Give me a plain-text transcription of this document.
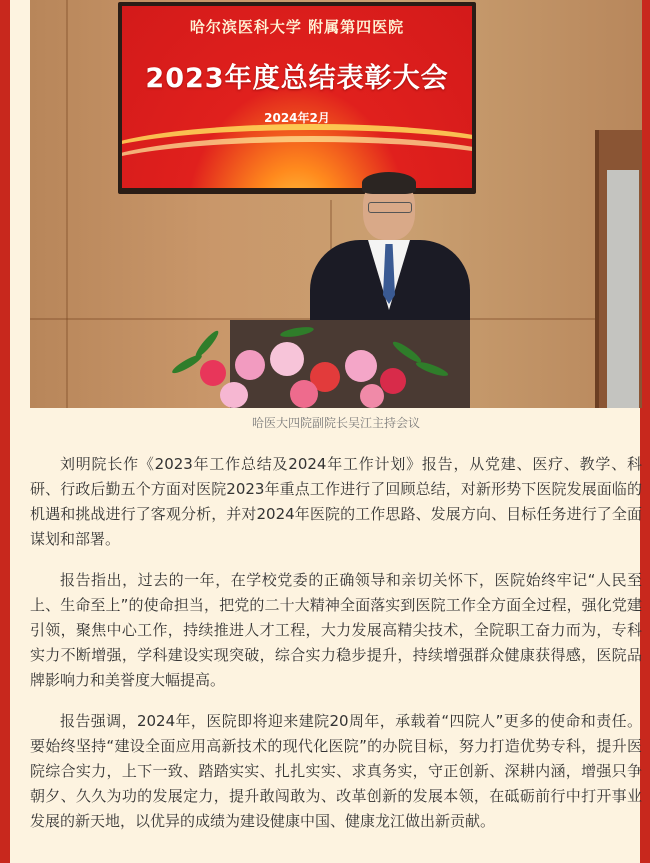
哈尔滨医科大学 附属第四医院
2023年度总结表彰大会
2024年2月
哈医大四院副院长吴江主持会议

刘明院长作《2023年工作总结及2024年工作计划》报告，从党建、医疗、教学、科研、行政后勤五个方面对医院2023年重点工作进行了回顾总结，对新形势下医院发展面临的机遇和挑战进行了客观分析，并对2024年医院的工作思路、发展方向、目标任务进行了全面谋划和部署。

报告指出，过去的一年，在学校党委的正确领导和亲切关怀下，医院始终牢记“人民至上、生命至上”的使命担当，把党的二十大精神全面落实到医院工作全方面全过程，强化党建引领，聚焦中心工作，持续推进人才工程，大力发展高精尖技术，全院职工奋力而为，专科实力不断增强，学科建设实现突破，综合实力稳步提升，持续增强群众健康获得感，医院品牌影响力和美誉度大幅提高。

报告强调，2024年，医院即将迎来建院20周年，承载着“四院人”更多的使命和责任。要始终坚持“建设全面应用高新技术的现代化医院”的办院目标，努力打造优势专科，提升医院综合实力，上下一致、踏踏实实、扎扎实实、求真务实，守正创新、深耕内涵，增强只争朝夕、久久为功的发展定力，提升敢闯敢为、改革创新的发展本领，在砥砺前行中打开事业发展的新天地，以优异的成绩为建设健康中国、健康龙江做出新贡献。
